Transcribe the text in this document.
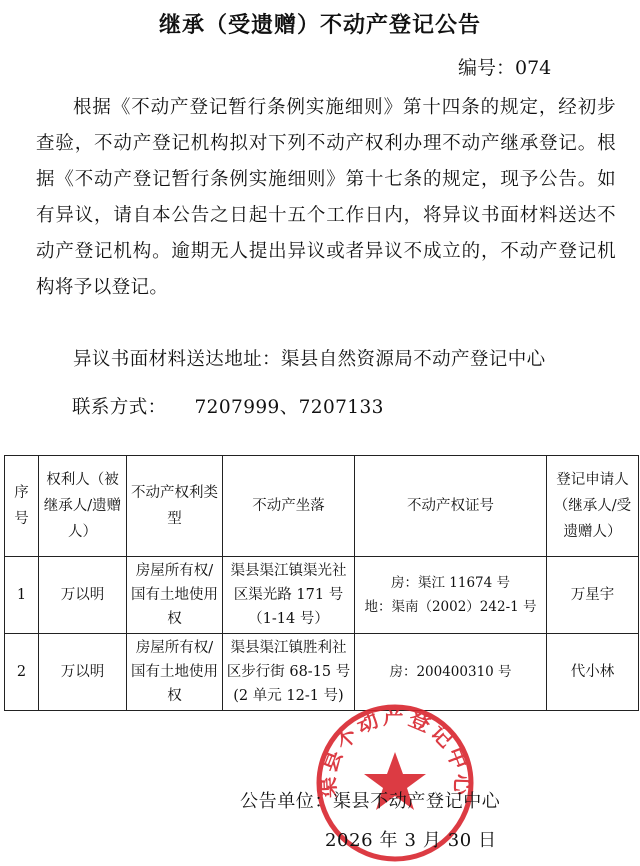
继承（受遗赠）不动产登记公告
编号：074
根据《不动产登记暂行条例实施细则》第十四条的规定，经初步查验，不动产登记机构拟对下列不动产权利办理不动产继承登记。根据《不动产登记暂行条例实施细则》第十七条的规定，现予公告。如有异议，请自本公告之日起十五个工作日内，将异议书面材料送达不动产登记机构。逾期无人提出异议或者异议不成立的，不动产登记机构将予以登记。
异议书面材料送达地址：渠县自然资源局不动产登记中心
联系方式： 7207999、7207133
序号	权利人（被继承人/遗赠人）	不动产权利类型	不动产坐落	不动产权证号	登记申请人（继承人/受遗赠人）
1	万以明	房屋所有权/国有土地使用权	渠县渠江镇渠光社区渠光路 171 号（1-14 号）	房：渠江 11674 号
地：渠南（2002）242-1 号	万星宇
2	万以明	房屋所有权/国有土地使用权	渠县渠江镇胜利社区步行街 68-15 号(2 单元 12-1 号)	房：200400310 号	代小林
渠县不动产登记中心
公告单位：渠县不动产登记中心
2026 年 3 月 30 日
